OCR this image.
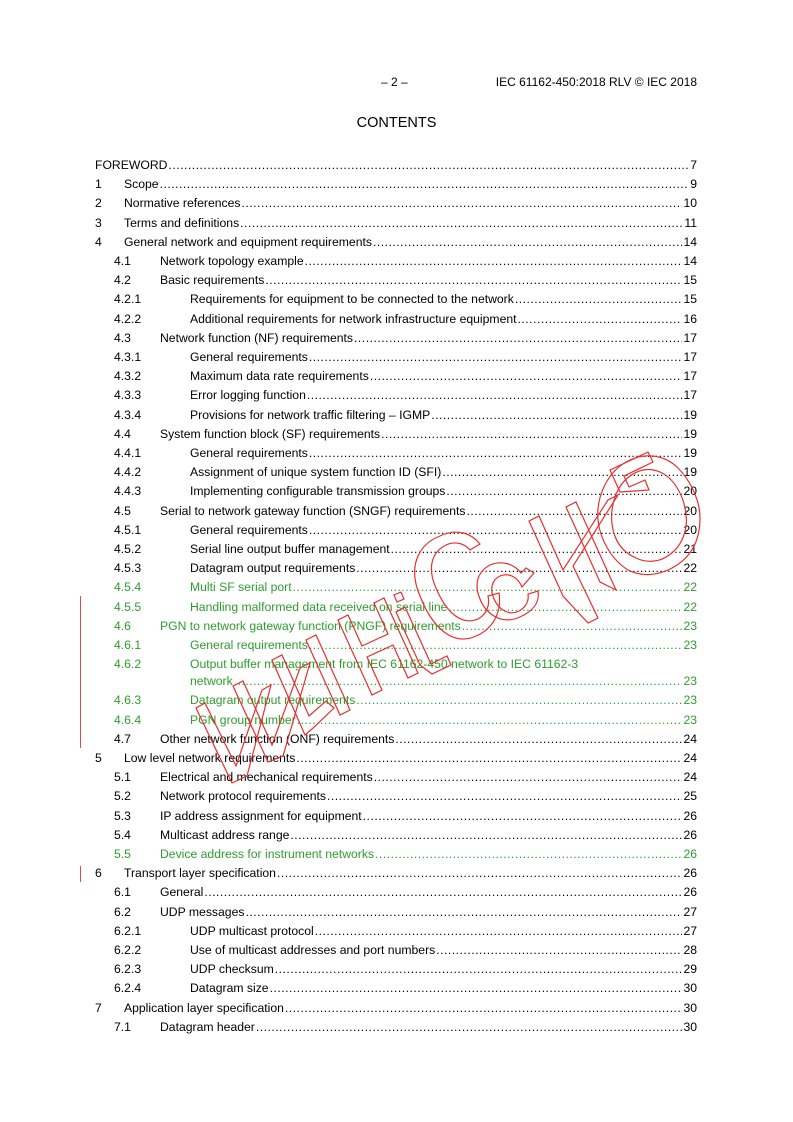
– 2 –	IEC 61162-450:2018 RLV © IEC 2018
CONTENTS
FOREWORD .....	7
1 Scope .....	9
2 Normative references .....	10
3 Terms and definitions .....	11
4 General network and equipment requirements .....	14
4.1 Network topology example .....	14
4.2 Basic requirements .....	15
4.2.1	Requirements for equipment to be connected to the network .....	15
4.2.2	Additional requirements for network infrastructure equipment .....	16
4.3 Network function (NF) requirements .....	17
4.3.1	General requirements .....	17
4.3.2	Maximum data rate requirements .....	17
4.3.3	Error logging function .....	17
4.3.4	Provisions for network traffic filtering – IGMP .....	19
4.4 System function block (SF) requirements .....	19
4.4.1	General requirements .....	19
4.4.2	Assignment of unique system function ID (SFI) .....	19
4.4.3	Implementing configurable transmission groups .....	20
4.5 Serial to network gateway function (SNGF) requirements .....	20
4.5.1	General requirements .....	20
4.5.2	Serial line output buffer management .....	21
4.5.3	Datagram output requirements .....	22
4.5.4	Multi SF serial port .....	22
4.5.5	Handling malformed data received on serial line .....	22
4.6 PGN to network gateway function (PNGF) requirements .....	23
4.6.1	General requirements .....	23
4.6.2	Output buffer management from IEC 61162-450 network to IEC 61162-3
network .....	23
4.6.3	Datagram output requirements .....	23
4.6.4	PGN group number .....	23
4.7 Other network function (ONF) requirements .....	24
5 Low level network requirements .....	24
5.1 Electrical and mechanical requirements .....	24
5.2 Network protocol requirements .....	25
5.3 IP address assignment for equipment .....	26
5.4 Multicast address range .....	26
5.5 Device address for instrument networks .....	26
6 Transport layer specification .....	26
6.1 General .....	26
6.2 UDP messages .....	27
6.2.1	UDP multicast protocol .....	27
6.2.2	Use of multicast addresses and port numbers .....	28
6.2.3	UDP checksum .....	29
6.2.4	Datagram size .....	30
7 Application layer specification .....	30
7.1 Datagram header .....	30
